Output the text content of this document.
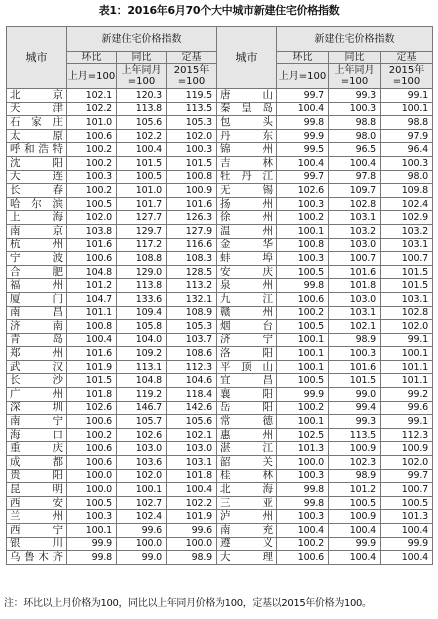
表1：2016年6月70个大中城市新建住宅价格指数
城市	新建住宅价格指数			城市	新建住宅价格指数		
	环比	同比	定基		环比	同比	定基
	上月=100	上年同月=100	2015年=100		上月=100	上年同月=100	2015年=100
北京	102.1	120.3	119.5	唐山	99.7	99.3	99.1
天津	102.2	113.8	113.5	秦皇岛	100.4	100.3	100.1
石家庄	101.0	105.6	105.3	包头	99.8	98.8	98.8
太原	100.6	102.2	102.0	丹东	99.9	98.0	97.9
呼和浩特	100.2	100.4	100.3	锦州	99.5	96.5	96.4
沈阳	100.2	101.5	101.5	吉林	100.4	100.4	100.3
大连	100.3	100.5	100.8	牡丹江	99.7	97.8	98.0
长春	100.2	101.0	100.9	无锡	102.6	109.7	109.8
哈尔滨	100.5	101.7	101.6	扬州	100.3	102.8	102.4
上海	102.0	127.7	126.3	徐州	100.2	103.1	102.9
南京	103.8	129.7	127.9	温州	100.1	103.2	103.2
杭州	101.6	117.2	116.6	金华	100.8	103.0	103.1
宁波	100.6	108.8	108.3	蚌埠	100.3	100.7	100.7
合肥	104.8	129.0	128.5	安庆	100.5	101.6	101.5
福州	101.2	113.8	113.2	泉州	99.8	101.8	101.5
厦门	104.7	133.6	132.1	九江	100.6	103.0	103.1
南昌	101.1	109.4	108.9	赣州	100.2	103.1	102.8
济南	100.8	105.8	105.3	烟台	100.5	102.1	102.0
青岛	100.4	104.0	103.7	济宁	100.1	98.9	99.1
郑州	101.6	109.2	108.6	洛阳	100.1	100.3	100.1
武汉	101.9	113.1	112.3	平顶山	100.1	101.6	101.1
长沙	101.5	104.8	104.6	宜昌	100.5	101.5	101.1
广州	101.8	119.2	118.4	襄阳	99.9	99.0	99.2
深圳	102.6	146.7	142.6	岳阳	100.2	99.4	99.6
南宁	100.6	105.7	105.6	常德	100.1	99.3	99.1
海口	100.2	102.6	102.1	惠州	102.5	113.5	112.3
重庆	100.6	103.0	103.0	湛江	101.3	100.9	100.9
成都	100.6	103.6	103.1	韶关	100.0	102.3	102.0
贵阳	100.0	102.0	101.8	桂林	100.3	98.9	99.7
昆明	100.0	100.1	100.4	北海	99.8	101.2	100.7
西安	100.5	102.7	102.2	三亚	99.8	100.5	100.5
兰州	100.3	102.4	101.9	泸州	100.3	100.9	101.3
西宁	100.1	99.6	99.6	南充	100.4	100.4	100.4
银川	99.9	100.0	100.0	遵义	100.2	99.9	99.9
乌鲁木齐	99.8	99.0	98.9	大理	100.6	100.4	100.4
注：环比以上月价格为100，同比以上年同月价格为100，定基以2015年价格为100。
